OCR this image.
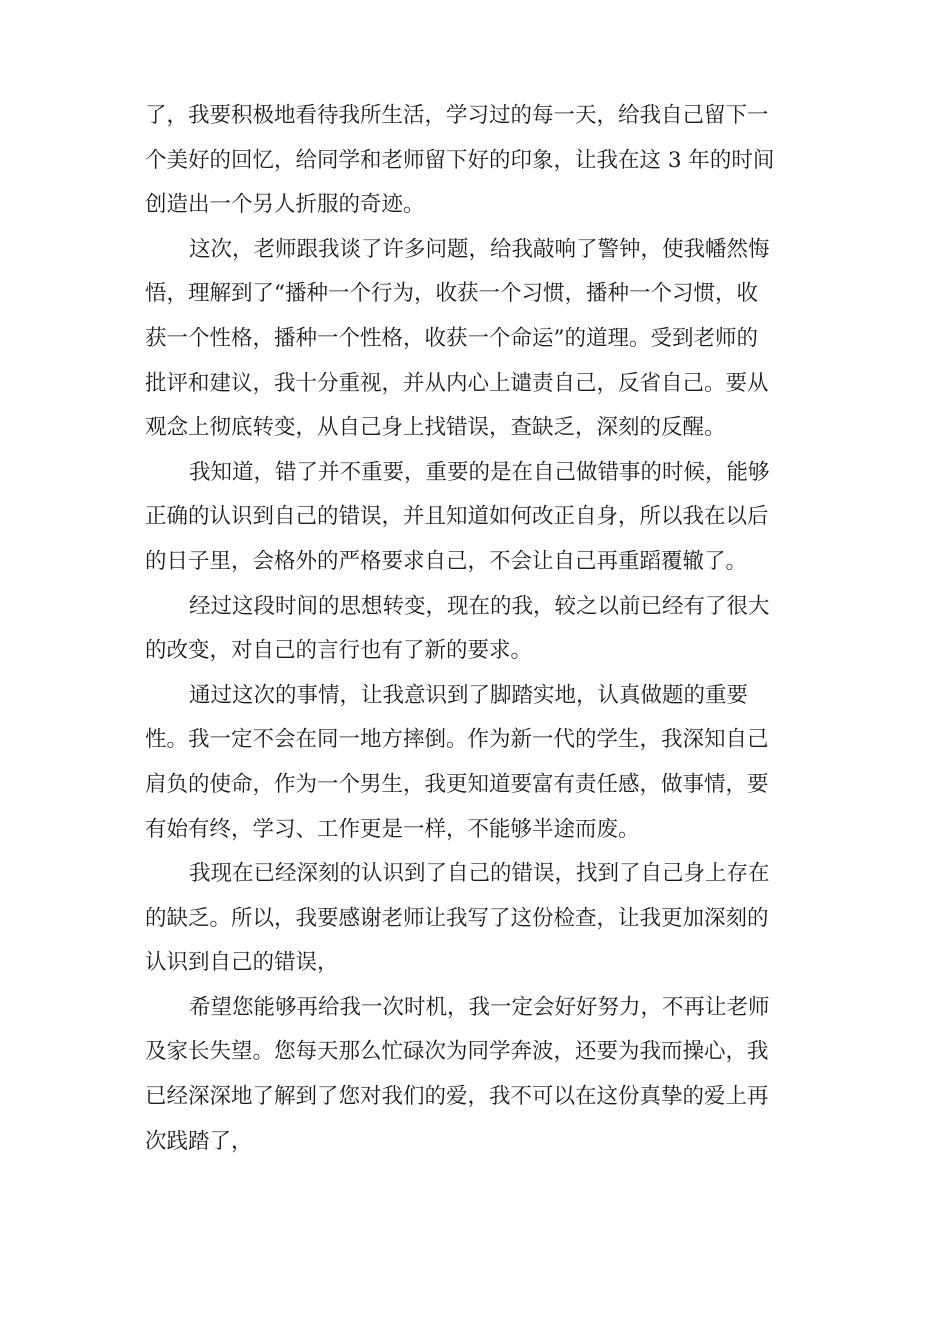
了，我要积极地看待我所生活，学习过的每一天，给我自己留下一
个美好的回忆，给同学和老师留下好的印象，让我在这 3 年的时间
创造出一个另人折服的奇迹。

这次，老师跟我谈了许多问题，给我敲响了警钟，使我幡然悔
悟，理解到了“播种一个行为，收获一个习惯，播种一个习惯，收
获一个性格，播种一个性格，收获一个命运”的道理。受到老师的
批评和建议，我十分重视，并从内心上谴责自己，反省自己。要从
观念上彻底转变，从自己身上找错误，查缺乏，深刻的反醒。

我知道，错了并不重要，重要的是在自己做错事的时候，能够
正确的认识到自己的错误，并且知道如何改正自身，所以我在以后
的日子里，会格外的严格要求自己，不会让自己再重蹈覆辙了。

经过这段时间的思想转变，现在的我，较之以前已经有了很大
的改变，对自己的言行也有了新的要求。

通过这次的事情，让我意识到了脚踏实地，认真做题的重要
性。我一定不会在同一地方摔倒。作为新一代的学生，我深知自己
肩负的使命，作为一个男生，我更知道要富有责任感，做事情，要
有始有终，学习、工作更是一样，不能够半途而废。

我现在已经深刻的认识到了自己的错误，找到了自己身上存在
的缺乏。所以，我要感谢老师让我写了这份检查，让我更加深刻的
认识到自己的错误，

希望您能够再给我一次时机，我一定会好好努力，不再让老师
及家长失望。您每天那么忙碌次为同学奔波，还要为我而操心，我
已经深深地了解到了您对我们的爱，我不可以在这份真挚的爱上再
次践踏了，
